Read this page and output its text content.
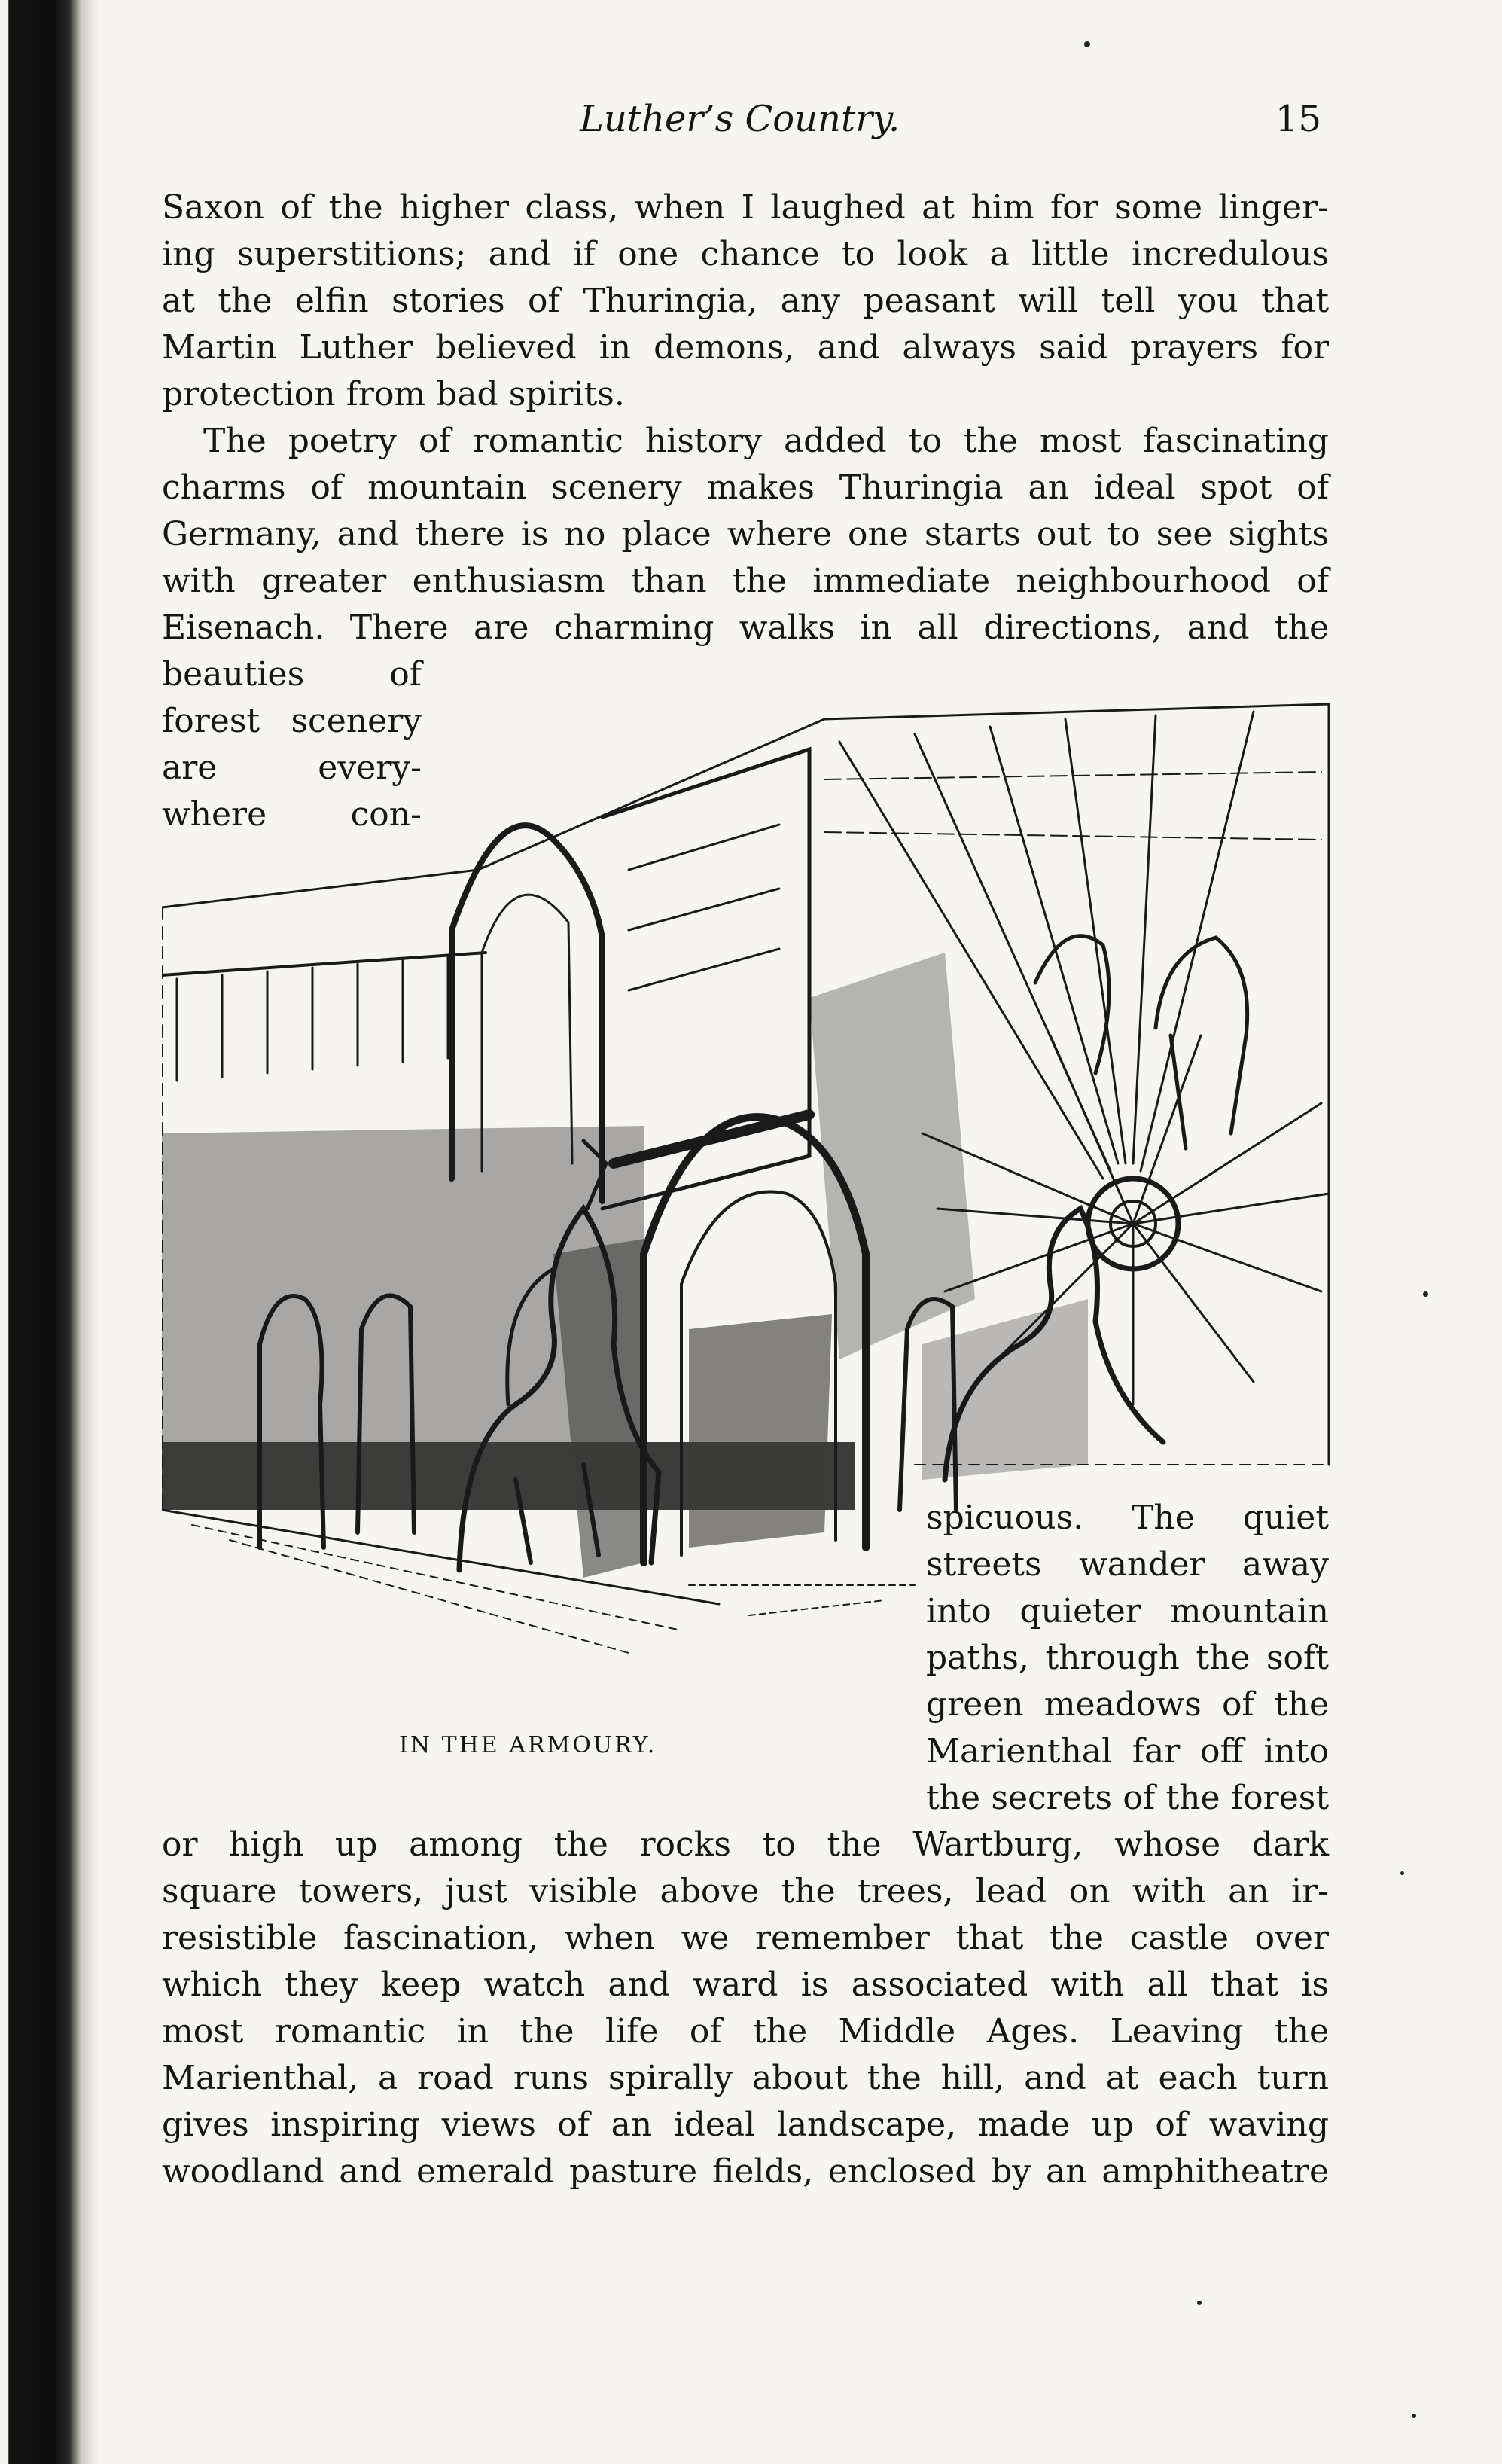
Luther’s Country.	15
Saxon of the higher class, when I laughed at him for some linger-
ing superstitions; and if one chance to look a little incredulous
at the elfin stories of Thuringia, any peasant will tell you that
Martin Luther believed in demons, and always said prayers for
protection from bad spirits.
The poetry of romantic history added to the most fascinating
charms of mountain scenery makes Thuringia an ideal spot of
Germany, and there is no place where one starts out to see sights
with greater enthusiasm than the immediate neighbourhood of
Eisenach. There are charming walks in all directions, and the
beauties of
forest scenery
are every-
where con-
spicuous. The quiet
streets wander away
into quieter mountain
paths, through the soft
green meadows of the
Marienthal far off into
the secrets of the forest
IN THE ARMOURY.
or high up among the rocks to the Wartburg, whose dark
square towers, just visible above the trees, lead on with an ir-
resistible fascination, when we remember that the castle over
which they keep watch and ward is associated with all that is
most romantic in the life of the Middle Ages. Leaving the
Marienthal, a road runs spirally about the hill, and at each turn
gives inspiring views of an ideal landscape, made up of waving
woodland and emerald pasture fields, enclosed by an amphitheatre
